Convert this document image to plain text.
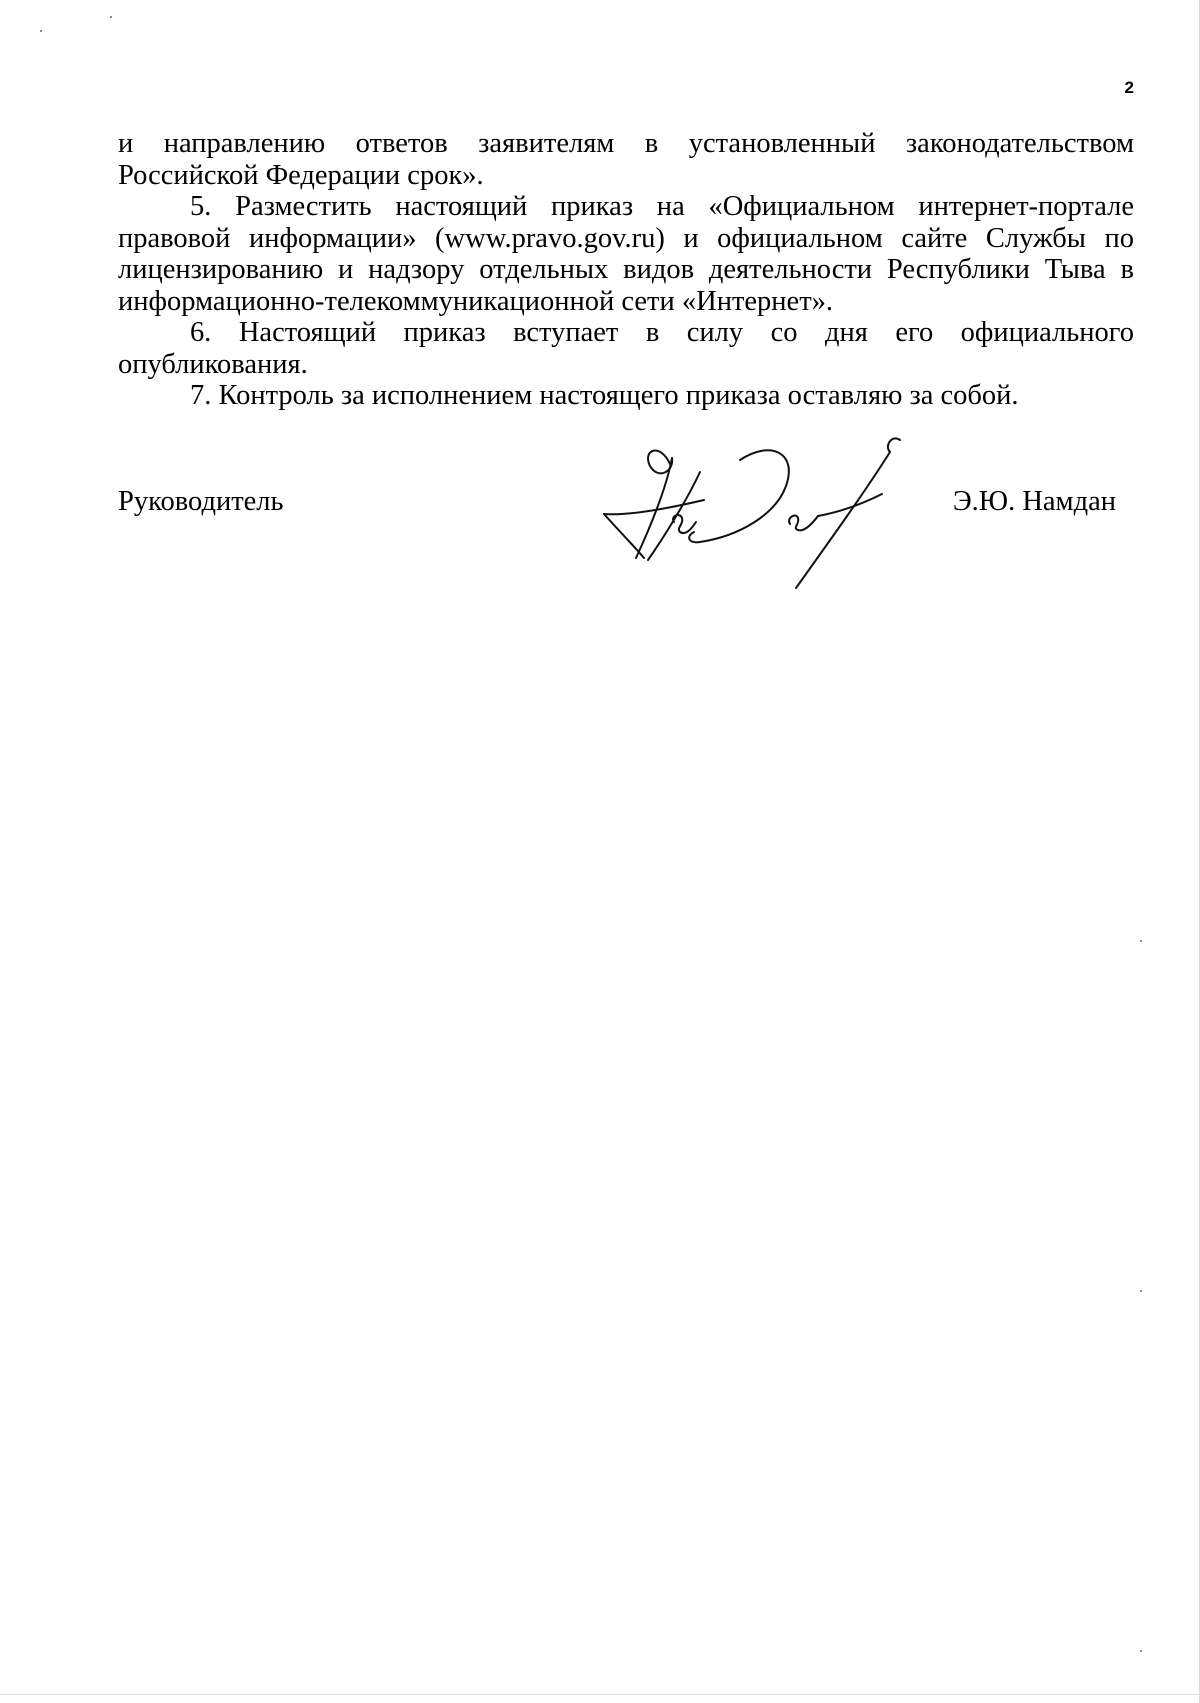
2

и направлению ответов заявителям в установленный законодательством Российской Федерации срок».

5. Разместить настоящий приказ на «Официальном интернет-портале правовой информации» (www.pravo.gov.ru) и официальном сайте Службы по лицензированию и надзору отдельных видов деятельности Республики Тыва в информационно-телекоммуникационной сети «Интернет».

6. Настоящий приказ вступает в силу со дня его официального опубликования.

7. Контроль за исполнением настоящего приказа оставляю за собой.

Руководитель	Э.Ю. Намдан
